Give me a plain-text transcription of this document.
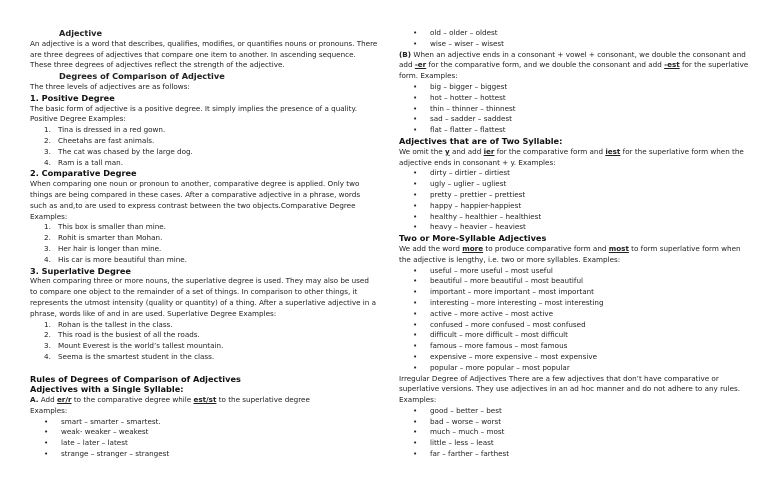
Adjective

An adjective is a word that describes, qualifies, modifies, or quantifies nouns or pronouns. There are three degrees of adjectives that compare one item to another. In ascending sequence. These three degrees of adjectives reflect the strength of the adjective.

Degrees of Comparison of Adjective

The three levels of adjectives are as follows:

1. Positive Degree

The basic form of adjective is a positive degree. It simply implies the presence of a quality. Positive Degree Examples:

1. Tina is dressed in a red gown.
2. Cheetahs are fast animals.
3. The cat was chased by the large dog.
4. Ram is a tall man.

2. Comparative Degree

When comparing one noun or pronoun to another, comparative degree is applied. Only two things are being compared in these cases. After a comparative adjective in a phrase, words such as and,to are used to express contrast between the two objects.Comparative Degree Examples:

1. This box is smaller than mine.
2. Rohit is smarter than Mohan.
3. Her hair is longer than mine.
4. His car is more beautiful than mine.

3. Superlative Degree

When comparing three or more nouns, the superlative degree is used. They may also be used to compare one object to the remainder of a set of things. In comparison to other things, it represents the utmost intensity (quality or quantity) of a thing. After a superlative adjective in a phrase, words like of and in are used. Superlative Degree Examples:

1. Rohan is the tallest in the class.
2. This road is the busiest of all the roads.
3. Mount Everest is the world’s tallest mountain.
4. Seema is the smartest student in the class.

Rules of Degrees of Comparison of Adjectives

Adjectives with a Single Syllable:

A. Add er/r to the comparative degree while est/st to the superlative degree

Examples:

• smart – smarter – smartest.
• weak- weaker – weakest
• late – later – latest
• strange – stranger – strangest
• old – older – oldest
• wise – wiser – wisest

(B) When an adjective ends in a consonant + vowel + consonant, we double the consonant and add -er for the comparative form, and we double the consonant and add -est for the superlative form. Examples:

• big – bigger – biggest
• hot – hotter – hottest
• thin – thinner – thinnest
• sad – sadder – saddest
• flat – flatter – flattest

Adjectives that are of Two Syllable:

We omit the y and add ier for the comparative form and iest for the superlative form when the adjective ends in consonant + y. Examples:

• dirty – dirtier – dirtiest
• ugly – uglier – ugliest
• pretty – prettier – prettiest
• happy – happier-happiest
• healthy – healthier – healthiest
• heavy – heavier – heaviest

Two or More-Syllable Adjectives

We add the word more to produce comparative form and most to form superlative form when the adjective is lengthy, i.e. two or more syllables. Examples:

• useful – more useful – most useful
• beautiful – more beautiful – most beautiful
• important – more important – most important
• interesting – more interesting – most interesting
• active – more active – most active
• confused – more confused – most confused
• difficult – more difficult – most difficult
• famous – more famous – most famous
• expensive – more expensive – most expensive
• popular – more popular – most popular

Irregular Degree of Adjectives There are a few adjectives that don’t have comparative or superlative versions. They use adjectives in an ad hoc manner and do not adhere to any rules. Examples:

• good – better – best
• bad – worse – worst
• much – much – most
• little – less – least
• far – farther – farthest
